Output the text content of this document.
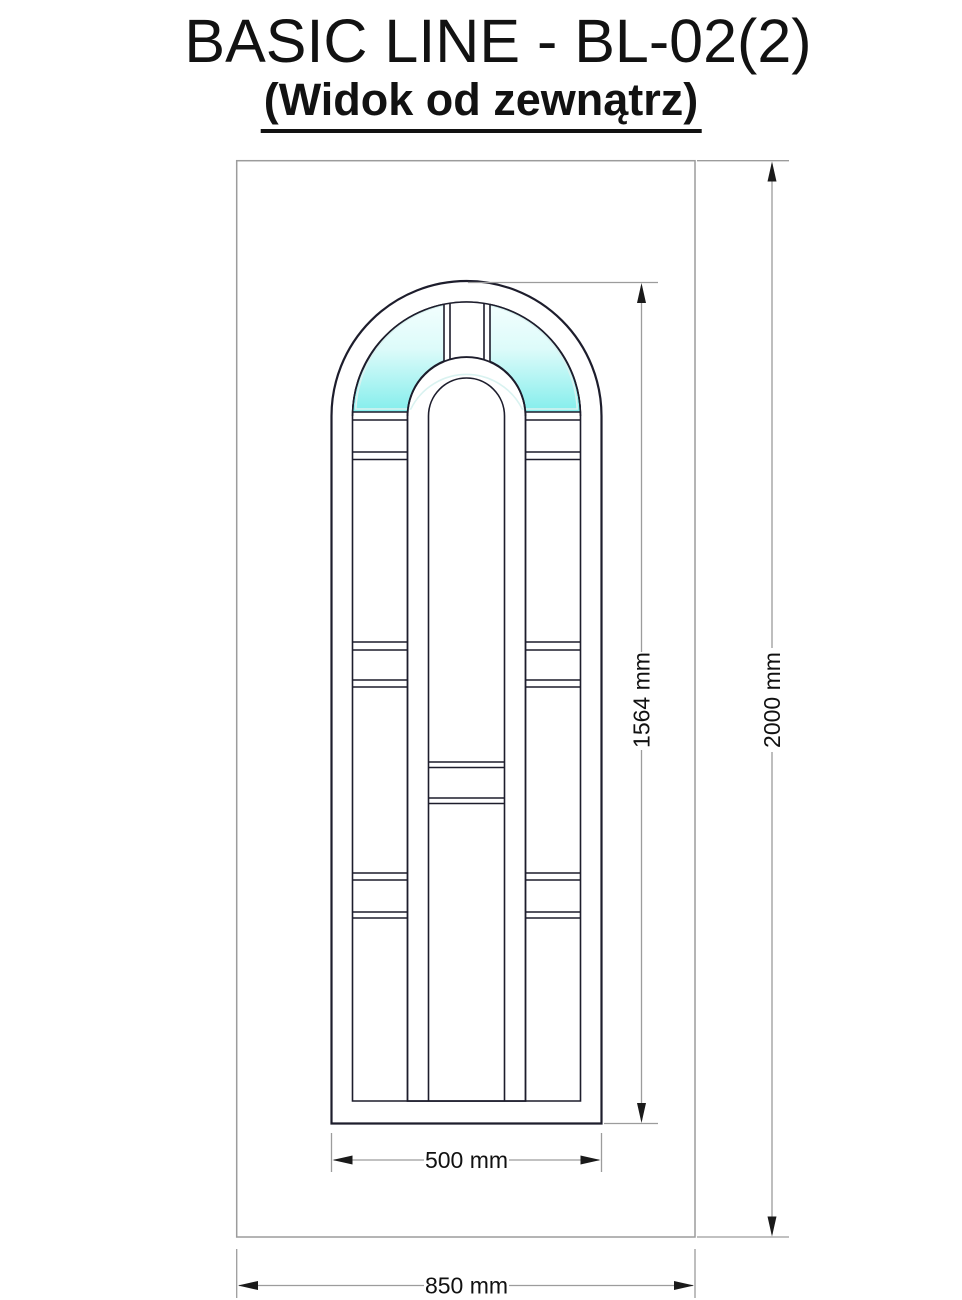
BASIC LINE - BL-02(2)
(Widok od zewnątrz)
1564 mm	2000 mm
500 mm
850 mm
